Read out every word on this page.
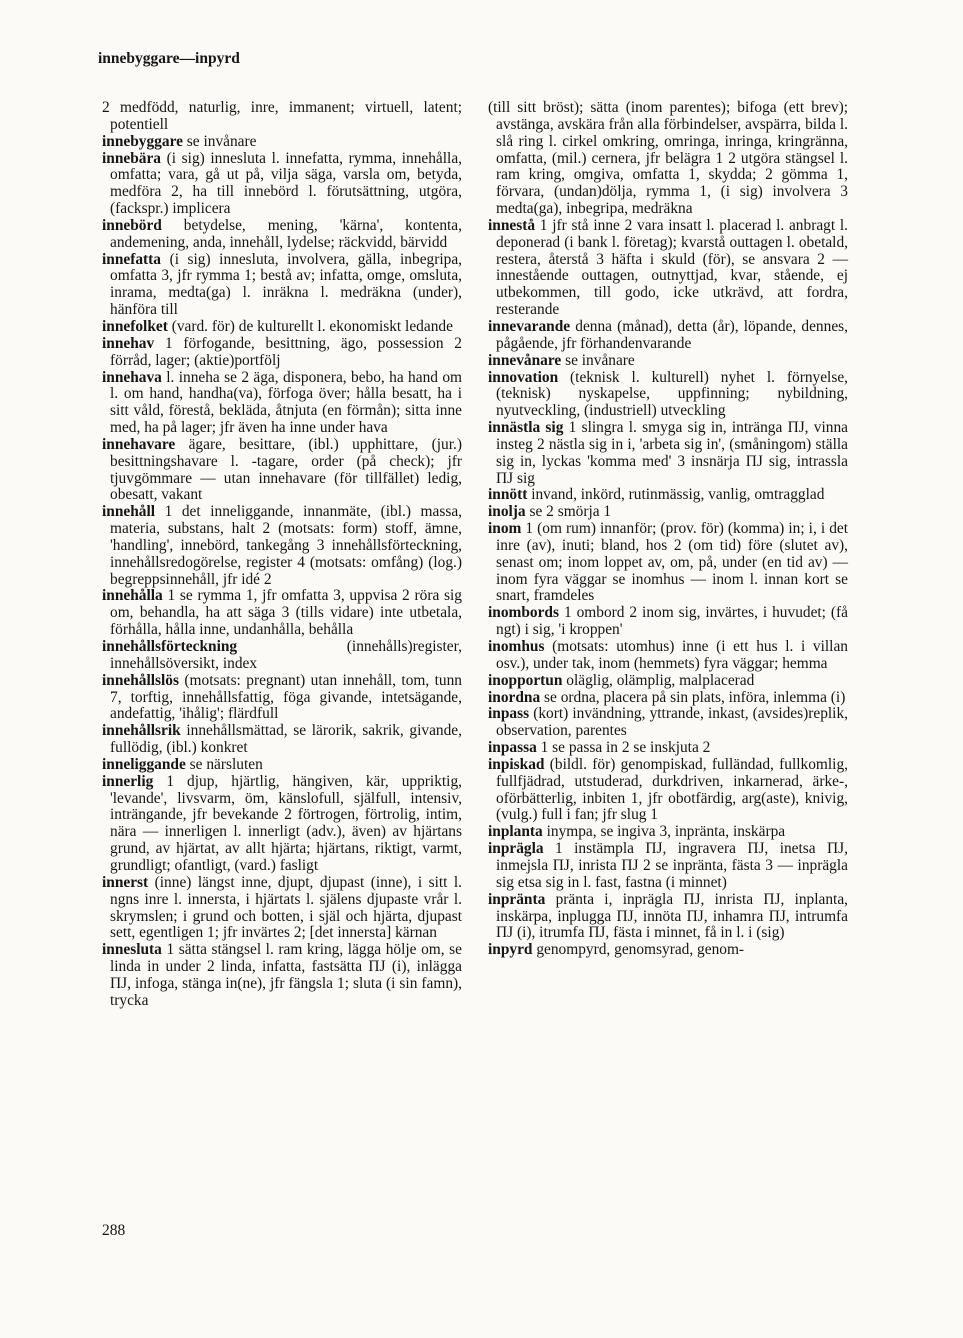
innebyggare—inpyrd

2 medfödd, naturlig, inre, immanent; virtuell, latent; potentiell

innebyggare se invånare

innebära (i sig) innesluta l. innefatta, rymma, innehålla, omfatta; vara, gå ut på, vilja säga, varsla om, betyda, medföra 2, ha till innebörd l. förutsättning, utgöra, (fackspr.) implicera

innebörd betydelse, mening, 'kärna', kontenta, andemening, anda, innehåll, lydelse; räckvidd, bärvidd

innefatta (i sig) innesluta, involvera, gälla, inbegripa, omfatta 3, jfr rymma 1; bestå av; infatta, omge, omsluta, inrama, medta(ga) l. inräkna l. medräkna (under), hänföra till

innefolket (vard. för) de kulturellt l. ekonomiskt ledande

innehav 1 förfogande, besittning, ägo, possession 2 förråd, lager; (aktie)portfölj

innehava l. inneha se 2 äga, disponera, bebo, ha hand om l. om hand, handha(va), förfoga över; hålla besatt, ha i sitt våld, förestå, bekläda, åtnjuta (en förmån); sitta inne med, ha på lager; jfr även ha inne under hava

innehavare ägare, besittare, (ibl.) upphittare, (jur.) besittningshavare l. -tagare, order (på check); jfr tjuvgömmare — utan innehavare (för tillfället) ledig, obesatt, vakant

innehåll 1 det inneliggande, innanmäte, (ibl.) massa, materia, substans, halt 2 (motsats: form) stoff, ämne, 'handling', innebörd, tankegång 3 innehållsförteckning, innehållsredogörelse, register 4 (motsats: omfång) (log.) begreppsinnehåll, jfr idé 2

innehålla 1 se rymma 1, jfr omfatta 3, uppvisa 2 röra sig om, behandla, ha att säga 3 (tills vidare) inte utbetala, förhålla, hålla inne, undanhålla, behålla

innehållsförteckning (innehålls)register, innehållsöversikt, index

innehållslös (motsats: pregnant) utan innehåll, tom, tunn 7, torftig, innehållsfattig, föga givande, intetsägande, andefattig, 'ihålig'; flärdfull

innehållsrik innehållsmättad, se lärorik, sakrik, givande, fullödig, (ibl.) konkret

inneliggande se närsluten

innerlig 1 djup, hjärtlig, hängiven, kär, uppriktig, 'levande', livsvarm, öm, känslofull, själfull, intensiv, inträngande, jfr bevekande 2 förtrogen, förtrolig, intim, nära — innerligen l. innerligt (adv.), även) av hjärtans grund, av hjärtat, av allt hjärta; hjärtans, riktigt, varmt, grundligt; ofantligt, (vard.) fasligt

innerst (inne) längst inne, djupt, djupast (inne), i sitt l. ngns inre l. innersta, i hjärtats l. själens djupaste vrår l. skrymslen; i grund och botten, i själ och hjärta, djupast sett, egentligen 1; jfr invärtes 2; [det innersta] kärnan

innesluta 1 sätta stängsel l. ram kring, lägga hölje om, se linda in under 2 linda, infatta, fastsätta ПJ (i), inlägga ПJ, infoga, stänga in(ne), jfr fängsla 1; sluta (i sin famn), trycka

(till sitt bröst); sätta (inom parentes); bifoga (ett brev); avstänga, avskära från alla förbindelser, avspärra, bilda l. slå ring l. cirkel omkring, omringa, inringa, kringränna, omfatta, (mil.) cernera, jfr belägra 1 2 utgöra stängsel l. ram kring, omgiva, omfatta 1, skydda; 2 gömma 1, förvara, (undan)dölja, rymma 1, (i sig) involvera 3 medta(ga), inbegripa, medräkna

innestå 1 jfr stå inne 2 vara insatt l. placerad l. anbragt l. deponerad (i bank l. företag); kvarstå outtagen l. obetald, restera, återstå 3 häfta i skuld (för), se ansvara 2 — innestående outtagen, outnyttjad, kvar, stående, ej utbekommen, till godo, icke utkrävd, att fordra, resterande

innevarande denna (månad), detta (år), löpande, dennes, pågående, jfr förhandenvarande

innevånare se invånare

innovation (teknisk l. kulturell) nyhet l. förnyelse, (teknisk) nyskapelse, uppfinning; nybildning, nyutveckling, (industriell) utveckling

innästla sig 1 slingra l. smyga sig in, intränga ПJ, vinna insteg 2 nästla sig in i, 'arbeta sig in', (småningom) ställa sig in, lyckas 'komma med' 3 insnärja ПJ sig, intrassla ПJ sig

innött invand, inkörd, rutinmässig, vanlig, omtragglad

inolja se 2 smörja 1

inom 1 (om rum) innanför; (prov. för) (komma) in; i, i det inre (av), inuti; bland, hos 2 (om tid) före (slutet av), senast om; inom loppet av, om, på, under (en tid av) — inom fyra väggar se inomhus — inom l. innan kort se snart, framdeles

inombords 1 ombord 2 inom sig, invärtes, i huvudet; (få ngt) i sig, 'i kroppen'

inomhus (motsats: utomhus) inne (i ett hus l. i villan osv.), under tak, inom (hemmets) fyra väggar; hemma

inopportun oläglig, olämplig, malplacerad

inordna se ordna, placera på sin plats, införa, inlemma (i)

inpass (kort) invändning, yttrande, inkast, (avsides)replik, observation, parentes

inpassa 1 se passa in 2 se inskjuta 2

inpiskad (bildl. för) genompiskad, fulländad, fullkomlig, fullfjädrad, utstuderad, durkdriven, inkarnerad, ärke-, oförbätterlig, inbiten 1, jfr obotfärdig, arg(aste), knivig, (vulg.) full i fan; jfr slug 1

inplanta inympa, se ingiva 3, inpränta, inskärpa

inprägla 1 instämpla ПJ, ingravera ПJ, inetsa ПJ, inmejsla ПJ, inrista ПJ 2 se inpränta, fästa 3 — inprägla sig etsa sig in l. fast, fastna (i minnet)

inpränta pränta i, inprägla ПJ, inrista ПJ, inplanta, inskärpa, inplugga ПJ, innöta ПJ, inhamra ПJ, intrumfa ПJ (i), itrumfa ПJ, fästa i minnet, få in l. i (sig)

inpyrd genompyrd, genomsyrad, genom-

288
